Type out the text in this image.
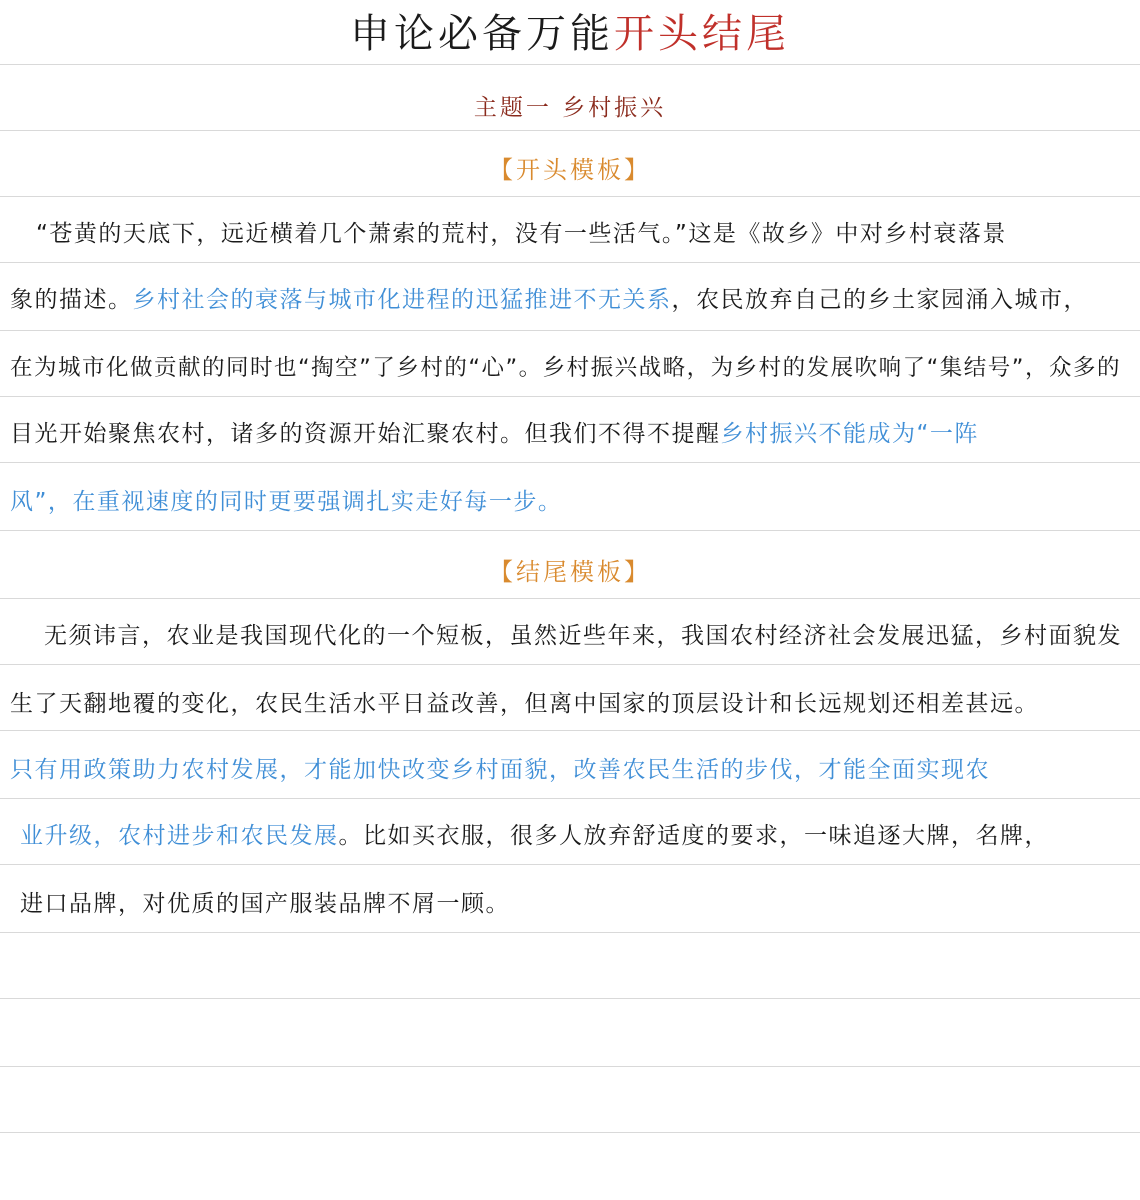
申论必备万能开头结尾
主题一 乡村振兴
【开头模板】
“苍黄的天底下，远近横着几个萧索的荒村，没有一些活气。”这是《故乡》中对乡村衰落景
象的描述。乡村社会的衰落与城市化进程的迅猛推进不无关系，农民放弃自己的乡土家园涌入城市，
在为城市化做贡献的同时也“掏空”了乡村的“心”。乡村振兴战略，为乡村的发展吹响了“集结号”，众多的
目光开始聚焦农村，诸多的资源开始汇聚农村。但我们不得不提醒乡村振兴不能成为“一阵
风”，在重视速度的同时更要强调扎实走好每一步。
【结尾模板】
无须讳言，农业是我国现代化的一个短板，虽然近些年来，我国农村经济社会发展迅猛，乡村面貌发
生了天翻地覆的变化，农民生活水平日益改善，但离中国家的顶层设计和长远规划还相差甚远。
只有用政策助力农村发展，才能加快改变乡村面貌，改善农民生活的步伐，才能全面实现农
业升级，农村进步和农民发展。比如买衣服，很多人放弃舒适度的要求，一味追逐大牌，名牌，
进口品牌，对优质的国产服装品牌不屑一顾。
